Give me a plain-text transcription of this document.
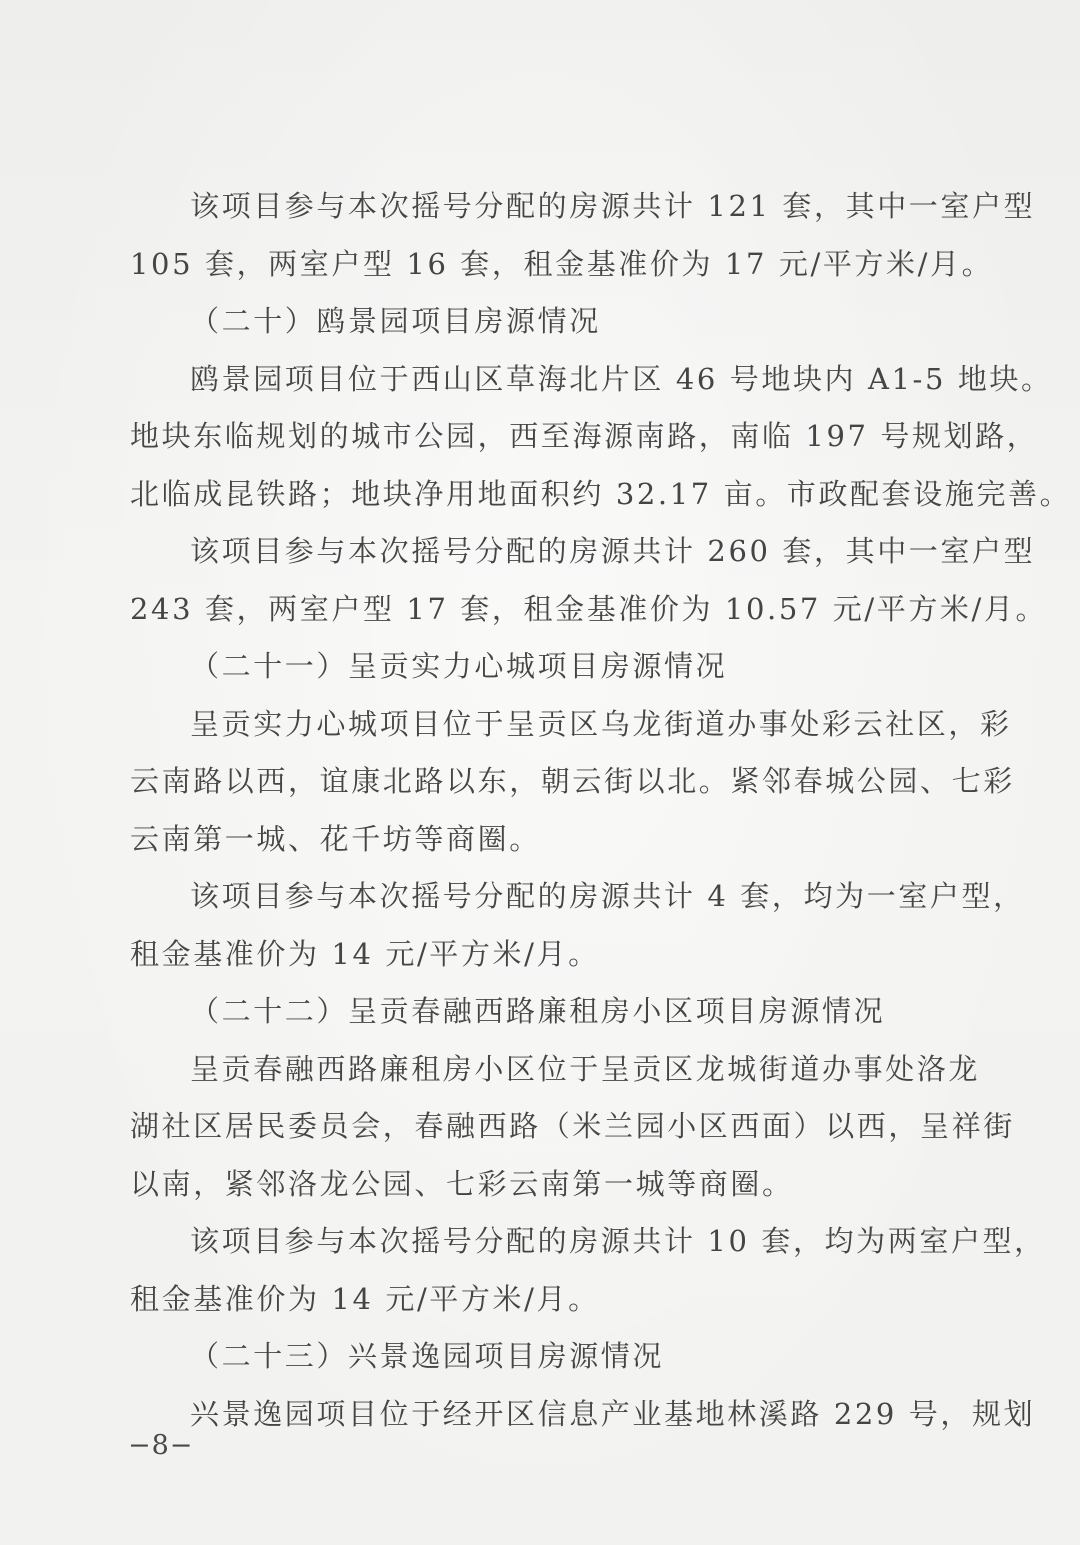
该项目参与本次摇号分配的房源共计 121 套，其中一室户型

105 套，两室户型 16 套，租金基准价为 17 元/平方米/月。

（二十）鸥景园项目房源情况

鸥景园项目位于西山区草海北片区 46 号地块内 A1-5 地块。

地块东临规划的城市公园，西至海源南路，南临 197 号规划路，

北临成昆铁路；地块净用地面积约 32.17 亩。市政配套设施完善。

该项目参与本次摇号分配的房源共计 260 套，其中一室户型

243 套，两室户型 17 套，租金基准价为 10.57 元/平方米/月。

（二十一）呈贡实力心城项目房源情况

呈贡实力心城项目位于呈贡区乌龙街道办事处彩云社区，彩

云南路以西，谊康北路以东，朝云街以北。紧邻春城公园、七彩

云南第一城、花千坊等商圈。

该项目参与本次摇号分配的房源共计 4 套，均为一室户型，

租金基准价为 14 元/平方米/月。

（二十二）呈贡春融西路廉租房小区项目房源情况

呈贡春融西路廉租房小区位于呈贡区龙城街道办事处洛龙

湖社区居民委员会，春融西路（米兰园小区西面）以西，呈祥街

以南，紧邻洛龙公园、七彩云南第一城等商圈。

该项目参与本次摇号分配的房源共计 10 套，均为两室户型，

租金基准价为 14 元/平方米/月。

（二十三）兴景逸园项目房源情况

兴景逸园项目位于经开区信息产业基地林溪路 229 号，规划

−8−
